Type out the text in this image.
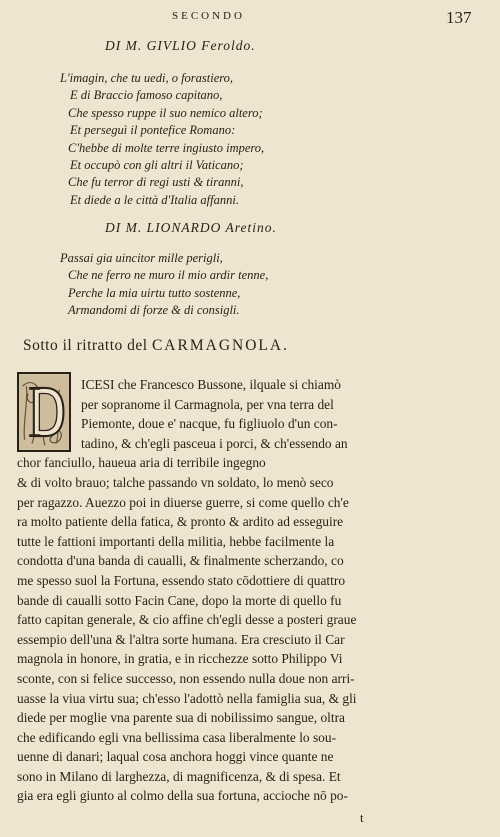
SECONDO	137
DI M. GIVLIO Feroldo.
L'imagin, che tu uedi, o forastiero,
E di Braccio famoso capitano,
Che spesso ruppe il suo nemico altero;
Et perseguì il pontefice Romano:
C'hebbe di molte terre ingiusto impero,
Et occupò con gli altri il Vaticano;
Che fu terror di regi usti & tiranni,
Et diede a le città d'Italia affanni.
DI M. LIONARDO Aretino.
Passai gia uincitor mille perigli,
Che ne ferro ne muro il mio ardir tenne,
Perche la mia uirtu tutto sostenne,
Armandomi di forze & di consigli.
Sotto il ritratto del CARMAGNOLA.
ICESI che Francesco Bussone, ilquale si chiamò
per sopranome il Carmagnola, per vna terra del
Piemonte, doue e' nacque, fu figliuolo d'un con-
tadino, & ch'egli pasceua i porci, & ch'essendo an
chor fanciullo, haueua aria di terribile ingegno
& di volto brauo; talche passando vn soldato, lo menò seco
per ragazzo. Auezzo poi in diuerse guerre, si come quello ch'e
ra molto patiente della fatica, & pronto & ardito ad esseguire
tutte le fattioni importanti della militia, hebbe facilmente la
condotta d'una banda di caualli, & finalmente scherzando, co
me spesso suol la Fortuna, essendo stato cōdottiere di quattro
bande di caualli sotto Facin Cane, dopo la morte di quello fu
fatto capitan generale, & cio affine ch'egli desse a posteri graue
essempio dell'una & l'altra sorte humana. Era cresciuto il Car
magnola in honore, in gratia, e in ricchezze sotto Philippo Vi
sconte, con si felice successo, non essendo nulla doue non arri-
uasse la viua virtu sua; ch'esso l'adottò nella famiglia sua, & gli
diede per moglie vna parente sua di nobilissimo sangue, oltra
che edificando egli vna bellissima casa liberalmente lo sou-
uenne di danari; laqual cosa anchora hoggi vince quante ne
sono in Milano di larghezza, di magnificenza, & di spesa. Et
gia era egli giunto al colmo della sua fortuna, accioche nō po-
t
